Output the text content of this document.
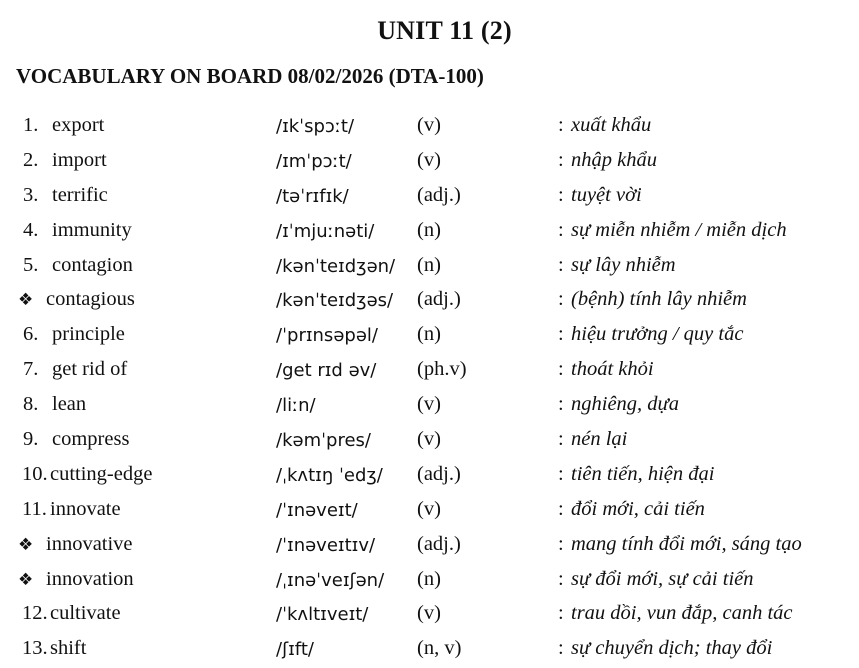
UNIT 11 (2)
VOCABULARY ON BOARD 08/02/2026 (DTA-100)
1. export	/ɪkˈspɔːt/	(v)	: xuất khẩu
2. import	/ɪmˈpɔːt/	(v)	: nhập khẩu
3. terrific	/təˈrɪfɪk/	(adj.)	: tuyệt vời
4. immunity	/ɪˈmjuːnəti/ (n)	: sự miễn nhiễm / miễn dịch
5. contagion	/kənˈteɪdʒən/ (n)	: sự lây nhiễm
❖ contagious	/kənˈteɪdʒəs/ (adj.)	: (bệnh) tính lây nhiễm
6. principle	/ˈprɪnsəpəl/ (n)	: hiệu trưởng / quy tắc
7. get rid of	/get rɪd əv/ (ph.v)	: thoát khỏi
8. lean	/liːn/	(v)	: nghiêng, dựa
9. compress	/kəmˈpres/ (v)	: nén lại
10. cutting-edge	/ˌkʌtɪŋ ˈedʒ/ (adj.)	: tiên tiến, hiện đại
11. innovate	/ˈɪnəveɪt/	(v)	: đổi mới, cải tiến
❖ innovative	/ˈɪnəveɪtɪv/ (adj.)	: mang tính đổi mới, sáng tạo
❖ innovation	/ˌɪnəˈveɪʃən/ (n)	: sự đổi mới, sự cải tiến
12. cultivate	/ˈkʌltɪveɪt/ (v)	: trau dồi, vun đắp, canh tác
13. shift	/ʃɪft/	(n, v)	: sự chuyển dịch; thay đổi
